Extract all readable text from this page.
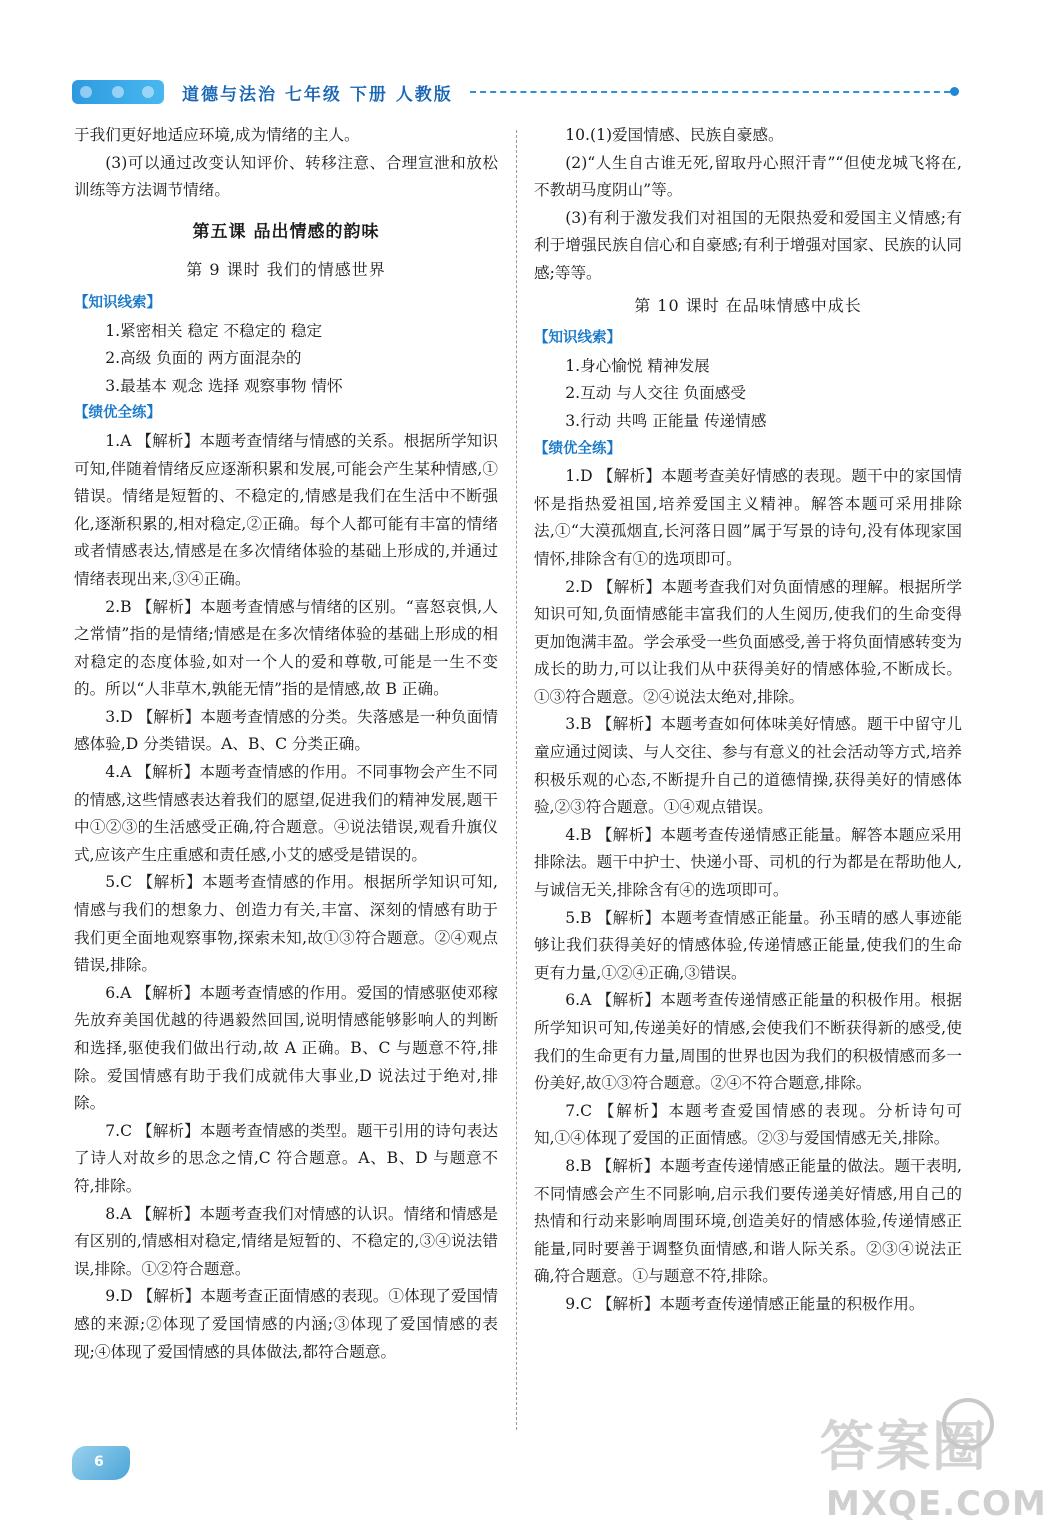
道德与法治 七年级 下册 人教版

于我们更好地适应环境,成为情绪的主人。

(3)可以通过改变认知评价、转移注意、合理宣泄和放松训练等方法调节情绪。

第五课 品出情感的韵味
第 9 课时 我们的情感世界

【知识线索】

1.紧密相关 稳定 不稳定的 稳定

2.高级 负面的 两方面混杂的

3.最基本 观念 选择 观察事物 情怀

【绩优全练】

1.A 【解析】本题考查情绪与情感的关系。根据所学知识可知,伴随着情绪反应逐渐积累和发展,可能会产生某种情感,①错误。情绪是短暂的、不稳定的,情感是我们在生活中不断强化,逐渐积累的,相对稳定,②正确。每个人都可能有丰富的情绪或者情感表达,情感是在多次情绪体验的基础上形成的,并通过情绪表现出来,③④正确。

2.B 【解析】本题考查情感与情绪的区别。“喜怒哀惧,人之常情”指的是情绪;情感是在多次情绪体验的基础上形成的相对稳定的态度体验,如对一个人的爱和尊敬,可能是一生不变的。所以“人非草木,孰能无情”指的是情感,故 B 正确。

3.D 【解析】本题考查情感的分类。失落感是一种负面情感体验,D 分类错误。A、B、C 分类正确。

4.A 【解析】本题考查情感的作用。不同事物会产生不同的情感,这些情感表达着我们的愿望,促进我们的精神发展,题干中①②③的生活感受正确,符合题意。④说法错误,观看升旗仪式,应该产生庄重感和责任感,小艾的感受是错误的。

5.C 【解析】本题考查情感的作用。根据所学知识可知,情感与我们的想象力、创造力有关,丰富、深刻的情感有助于我们更全面地观察事物,探索未知,故①③符合题意。②④观点错误,排除。

6.A 【解析】本题考查情感的作用。爱国的情感驱使邓稼先放弃美国优越的待遇毅然回国,说明情感能够影响人的判断和选择,驱使我们做出行动,故 A 正确。B、C 与题意不符,排除。爱国情感有助于我们成就伟大事业,D 说法过于绝对,排除。

7.C 【解析】本题考查情感的类型。题干引用的诗句表达了诗人对故乡的思念之情,C 符合题意。A、B、D 与题意不符,排除。

8.A 【解析】本题考查我们对情感的认识。情绪和情感是有区别的,情感相对稳定,情绪是短暂的、不稳定的,③④说法错误,排除。①②符合题意。

9.D 【解析】本题考查正面情感的表现。①体现了爱国情感的来源;②体现了爱国情感的内涵;③体现了爱国情感的表现;④体现了爱国情感的具体做法,都符合题意。

10.(1)爱国情感、民族自豪感。

(2)“人生自古谁无死,留取丹心照汗青”“但使龙城飞将在,不教胡马度阴山”等。

(3)有利于激发我们对祖国的无限热爱和爱国主义情感;有利于增强民族自信心和自豪感;有利于增强对国家、民族的认同感;等等。

第 10 课时 在品味情感中成长

【知识线索】

1.身心愉悦 精神发展

2.互动 与人交往 负面感受

3.行动 共鸣 正能量 传递情感

【绩优全练】

1.D 【解析】本题考查美好情感的表现。题干中的家国情怀是指热爱祖国,培养爱国主义精神。解答本题可采用排除法,①“大漠孤烟直,长河落日圆”属于写景的诗句,没有体现家国情怀,排除含有①的选项即可。

2.D 【解析】本题考查我们对负面情感的理解。根据所学知识可知,负面情感能丰富我们的人生阅历,使我们的生命变得更加饱满丰盈。学会承受一些负面感受,善于将负面情感转变为成长的助力,可以让我们从中获得美好的情感体验,不断成长。①③符合题意。②④说法太绝对,排除。

3.B 【解析】本题考查如何体味美好情感。题干中留守儿童应通过阅读、与人交往、参与有意义的社会活动等方式,培养积极乐观的心态,不断提升自己的道德情操,获得美好的情感体验,②③符合题意。①④观点错误。

4.B 【解析】本题考查传递情感正能量。解答本题应采用排除法。题干中护士、快递小哥、司机的行为都是在帮助他人,与诚信无关,排除含有④的选项即可。

5.B 【解析】本题考查情感正能量。孙玉晴的感人事迹能够让我们获得美好的情感体验,传递情感正能量,使我们的生命更有力量,①②④正确,③错误。

6.A 【解析】本题考查传递情感正能量的积极作用。根据所学知识可知,传递美好的情感,会使我们不断获得新的感受,使我们的生命更有力量,周围的世界也因为我们的积极情感而多一份美好,故①③符合题意。②④不符合题意,排除。

7.C 【解析】本题考查爱国情感的表现。分析诗句可知,①④体现了爱国的正面情感。②③与爱国情感无关,排除。

8.B 【解析】本题考查传递情感正能量的做法。题干表明,不同情感会产生不同影响,启示我们要传递美好情感,用自己的热情和行动来影响周围环境,创造美好的情感体验,传递情感正能量,同时要善于调整负面情感,和谐人际关系。②③④说法正确,符合题意。①与题意不符,排除。

9.C 【解析】本题考查传递情感正能量的积极作用。

6	答案圈
MXQE.COM
